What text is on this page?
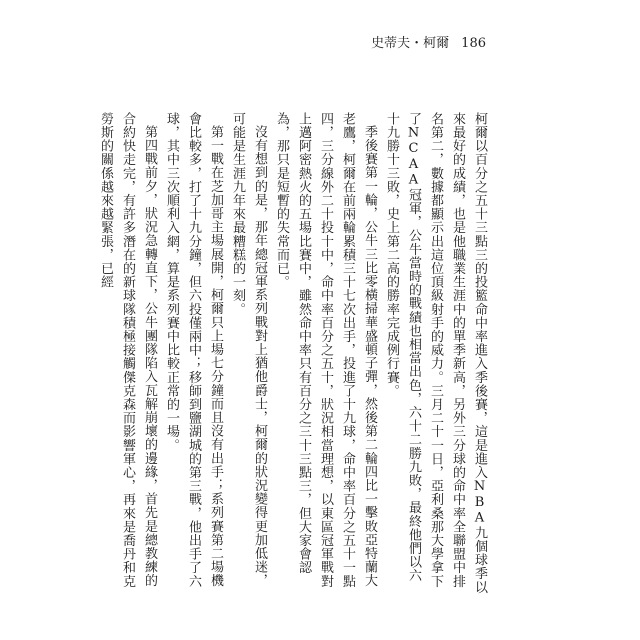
史蒂夫・柯爾 186

柯爾以百分之五十三點三的投籃命中率進入季後賽，這是進入NBA九個球季以來最好的成績，也是他職業生涯中的單季新高，另外三分球的命中率全聯盟中排名第二，數據都顯示出這位頂級射手的威力。三月二十一日，亞利桑那大學拿下了NCAA冠軍，公牛當時的戰績也相當出色，六十二勝九敗，最終他們以六十九勝十三敗，史上第二高的勝率完成例行賽。

季後賽第一輪，公牛三比零橫掃華盛頓子彈，然後第二輪四比一擊敗亞特蘭大老鷹，柯爾在前兩輪累積三十七次出手，投進了十九球，命中率百分之五十一點四，三分線外二十投十中，命中率百分之五十，狀況相當理想，以東區冠軍戰對上邁阿密熱火的五場比賽中，雖然命中率只有百分之三十三點三，但大家會認為，那只是短暫的失常而已。

沒有想到的是，那年總冠軍系列戰對上猶他爵士，柯爾的狀況變得更加低迷，可能是生涯九年來最糟糕的一刻。

第一戰在芝加哥主場展開，柯爾只上場七分鐘而且沒有出手；系列賽第二場機會比較多，打了十九分鐘，但六投僅兩中；移師到鹽湖城的第三戰，他出手了六球，其中三次順利入網，算是系列賽中比較正常的一場。

第四戰前夕，狀況急轉直下，公牛團隊陷入瓦解崩壞的邊緣，首先是總教練的合約快走完，有許多潛在的新球隊積極接觸傑克森而影響軍心，再來是喬丹和克勞斯的關係越來越緊張，已經
